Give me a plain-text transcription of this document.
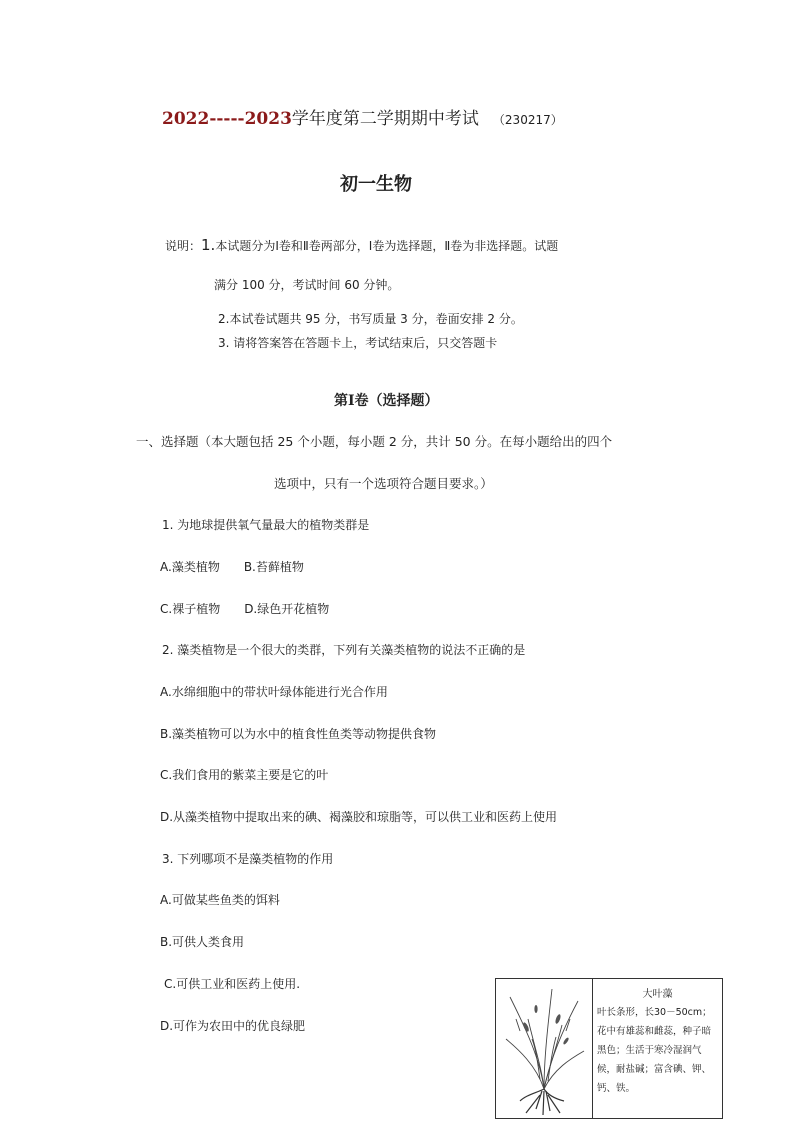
2022-----2023学年度第二学期期中考试 （230217）
初一生物
说明：1.本试题分为Ⅰ卷和Ⅱ卷两部分，Ⅰ卷为选择题，Ⅱ卷为非选择题。试题
满分 100 分，考试时间 60 分钟。
2.本试卷试题共 95 分，书写质量 3 分，卷面安排 2 分。
3. 请将答案答在答题卡上，考试结束后，只交答题卡
第Ⅰ卷（选择题）
一、选择题（本大题包括 25 个小题，每小题 2 分，共计 50 分。在每小题给出的四个
选项中，只有一个选项符合题目要求。）
1. 为地球提供氧气量最大的植物类群是
A.藻类植物　　B.苔藓植物
C.裸子植物　　D.绿色开花植物
2. 藻类植物是一个很大的类群，下列有关藻类植物的说法不正确的是
A.水绵细胞中的带状叶绿体能进行光合作用
B.藻类植物可以为水中的植食性鱼类等动物提供食物
C.我们食用的紫菜主要是它的叶
D.从藻类植物中提取出来的碘、褐藻胶和琼脂等，可以供工业和医药上使用
3. 下列哪项不是藻类植物的作用
A.可做某些鱼类的饵料
B.可供人类食用
C.可供工业和医药上使用.
D.可作为农田中的优良绿肥
大叶藻
叶长条形，长30－50cm；花中有雄蕊和雌蕊，种子暗黑色；生活于寒冷湿润气候，耐盐碱；富含碘、钾、钙、铁。
